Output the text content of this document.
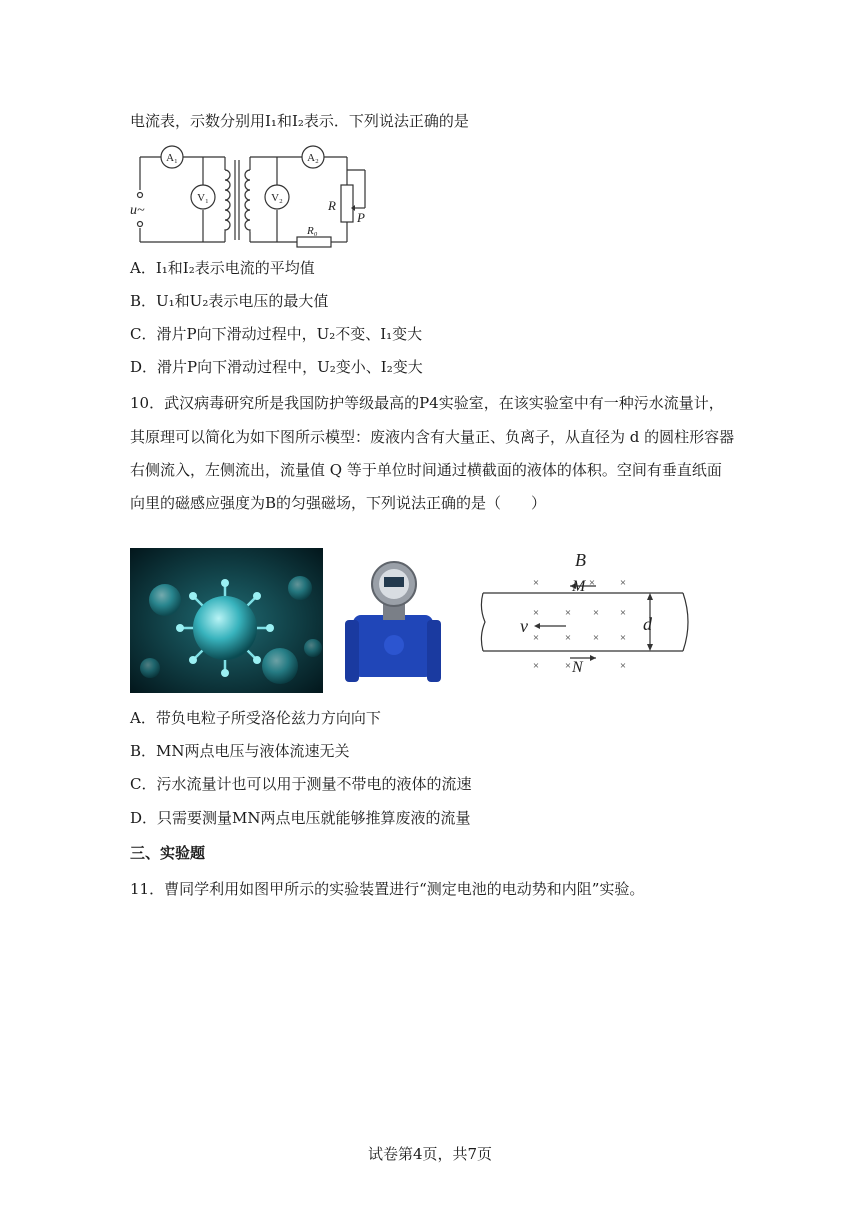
电流表，示数分别用I₁和I₂表示．下列说法正确的是
A₁	A₂
V₁	V₂
u~	R
P
R₀
A．I₁和I₂表示电流的平均值
B．U₁和U₂表示电压的最大值
C．滑片P向下滑动过程中，U₂不变、I₁变大
D．滑片P向下滑动过程中，U₂变小、I₂变大
10．武汉病毒研究所是我国防护等级最高的P4实验室，在该实验室中有一种污水流量计，
其原理可以简化为如下图所示模型：废液内含有大量正、负离子，从直径为 d 的圆柱形容器
右侧流入，左侧流出，流量值 Q 等于单位时间通过横截面的液体的体积。空间有垂直纸面
向里的磁感应强度为B的匀强磁场，下列说法正确的是（　　）
×	× ×
× × × ×
× × × ×
× ×	×
B
M
N
v	d
A．带负电粒子所受洛伦兹力方向向下
B．MN两点电压与液体流速无关
C．污水流量计也可以用于测量不带电的液体的流速
D．只需要测量MN两点电压就能够推算废液的流量
三、实验题
11．曹同学利用如图甲所示的实验装置进行“测定电池的电动势和内阻”实验。
试卷第4页，共7页
